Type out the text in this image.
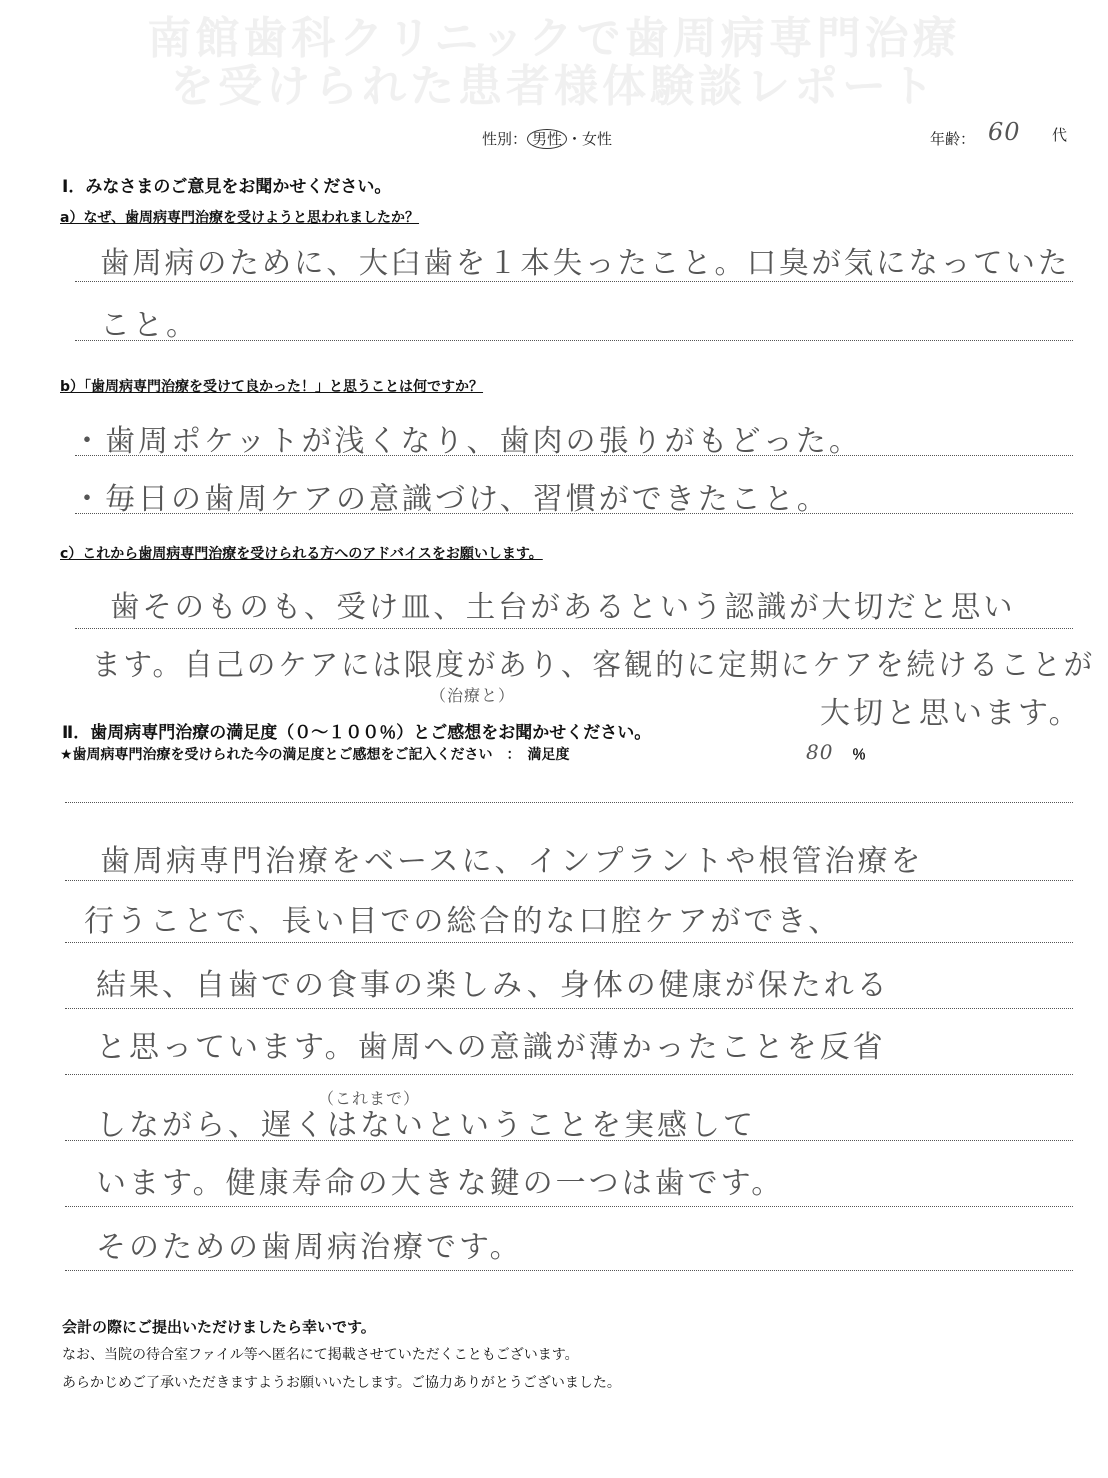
南館歯科クリニックで歯周病専門治療
を受けられた患者様体験談レポート
性別： 男性 ・女性	年齢： 60 代
Ⅰ．みなさまのご意見をお聞かせください。
a）なぜ、歯周病専門治療を受けようと思われましたか？
歯周病のために、大臼歯を１本失ったこと。口臭が気になっていた
こと。
b）「歯周病専門治療を受けて良かった！」と思うことは何ですか？
・歯周ポケットが浅くなり、歯肉の張りがもどった。
・毎日の歯周ケアの意識づけ、習慣ができたこと。
c）これから歯周病専門治療を受けられる方へのアドバイスをお願いします。
歯そのものも、受け皿、土台があるという認識が大切だと思い
ます。自己のケアには限度があり、客観的に定期にケアを続けることが
（治療と）
大切と思います。
Ⅱ．歯周病専門治療の満足度（０～１００％）とご感想をお聞かせください。
★歯周病専門治療を受けられた今の満足度とご感想をご記入ください　：　満足度	80 ％
歯周病専門治療をベースに、インプラントや根管治療を
行うことで、長い目での総合的な口腔ケアができ、
結果、自歯での食事の楽しみ、身体の健康が保たれる
と思っています。歯周への意識が薄かったことを反省
（これまで）
しながら、遅くはないということを実感して
います。健康寿命の大きな鍵の一つは歯です。
そのための歯周病治療です。
会計の際にご提出いただけましたら幸いです。
なお、当院の待合室ファイル等へ匿名にて掲載させていただくこともございます。
あらかじめご了承いただきますようお願いいたします。ご協力ありがとうございました。
